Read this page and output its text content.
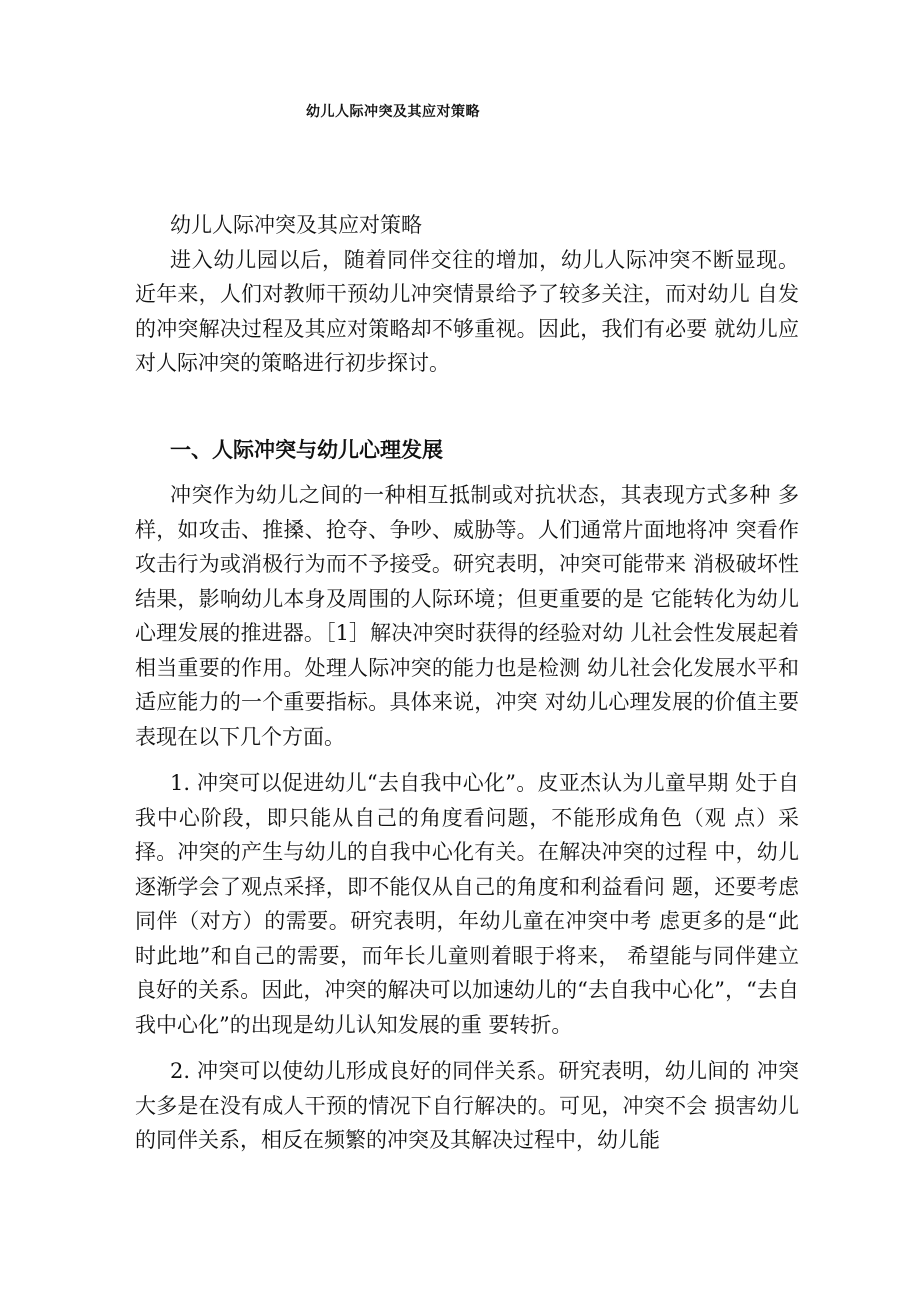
幼儿人际冲突及其应对策略

幼儿人际冲突及其应对策略

进入幼儿园以后，随着同伴交往的增加，幼儿人际冲突不断显现。近年来，人们对教师干预幼儿冲突情景给予了较多关注，而对幼儿 自发的冲突解决过程及其应对策略却不够重视。因此，我们有必要 就幼儿应对人际冲突的策略进行初步探讨。

一、人际冲突与幼儿心理发展

冲突作为幼儿之间的一种相互抵制或对抗状态，其表现方式多种 多样，如攻击、推搡、抢夺、争吵、威胁等。人们通常片面地将冲 突看作攻击行为或消极行为而不予接受。研究表明，冲突可能带来 消极破坏性结果，影响幼儿本身及周围的人际环境；但更重要的是 它能转化为幼儿心理发展的推进器。［1］解决冲突时获得的经验对幼 儿社会性发展起着相当重要的作用。处理人际冲突的能力也是检测 幼儿社会化发展水平和适应能力的一个重要指标。具体来说，冲突 对幼儿心理发展的价值主要表现在以下几个方面。

1. 冲突可以促进幼儿“去自我中心化”。皮亚杰认为儿童早期 处于自我中心阶段，即只能从自己的角度看问题，不能形成角色（观 点）采择。冲突的产生与幼儿的自我中心化有关。在解决冲突的过程 中，幼儿逐渐学会了观点采择，即不能仅从自己的角度和利益看问 题，还要考虑同伴（对方）的需要。研究表明，年幼儿童在冲突中考 虑更多的是“此时此地”和自己的需要，而年长儿童则着眼于将来， 希望能与同伴建立良好的关系。因此，冲突的解决可以加速幼儿的“去自我中心化”，“去自我中心化”的出现是幼儿认知发展的重 要转折。

2. 冲突可以使幼儿形成良好的同伴关系。研究表明，幼儿间的 冲突大多是在没有成人干预的情况下自行解决的。可见，冲突不会 损害幼儿的同伴关系，相反在频繁的冲突及其解决过程中，幼儿能
